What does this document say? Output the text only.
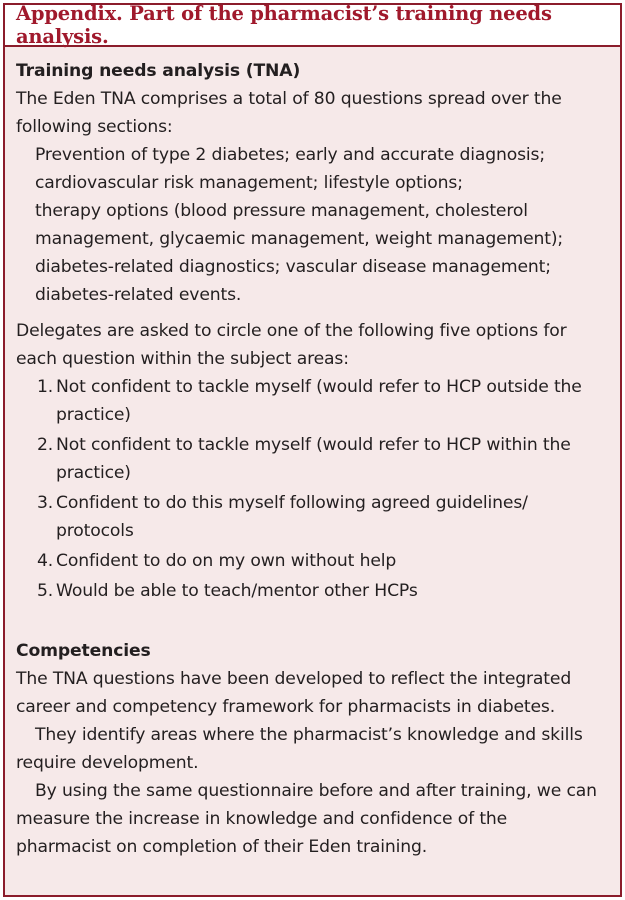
Appendix. Part of the pharmacist’s training needs analysis.

Training needs analysis (TNA)

The Eden TNA comprises a total of 80 questions spread over the following sections:

Prevention of type 2 diabetes; early and accurate diagnosis;
cardiovascular risk management; lifestyle options;
therapy options (blood pressure management, cholesterol
management, glycaemic management, weight management);
diabetes-related diagnostics; vascular disease management;
diabetes-related events.

Delegates are asked to circle one of the following five options for each question within the subject areas:

1. Not confident to tackle myself (would refer to HCP outside the practice)
2. Not confident to tackle myself (would refer to HCP within the practice)
3. Confident to do this myself following agreed guidelines/ protocols
4. Confident to do on my own without help
5. Would be able to teach/mentor other HCPs

Competencies

The TNA questions have been developed to reflect the integrated career and competency framework for pharmacists in diabetes.

They identify areas where the pharmacist’s knowledge and skills require development.

By using the same questionnaire before and after training, we can measure the increase in knowledge and confidence of the pharmacist on completion of their Eden training.
